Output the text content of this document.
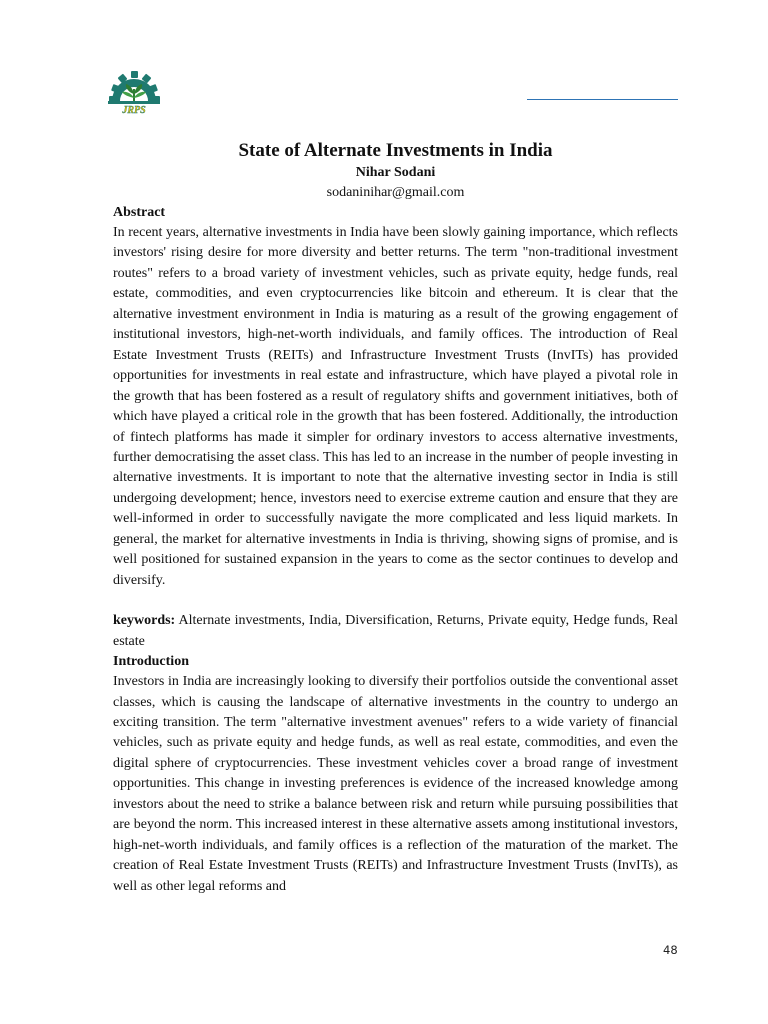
JRPS

State of Alternate Investments in India

Nihar Sodani

sodaninihar@gmail.com

Abstract

In recent years, alternative investments in India have been slowly gaining importance, which reflects investors' rising desire for more diversity and better returns. The term "non-traditional investment routes" refers to a broad variety of investment vehicles, such as private equity, hedge funds, real estate, commodities, and even cryptocurrencies like bitcoin and ethereum. It is clear that the alternative investment environment in India is maturing as a result of the growing engagement of institutional investors, high-net-worth individuals, and family offices. The introduction of Real Estate Investment Trusts (REITs) and Infrastructure Investment Trusts (InvITs) has provided opportunities for investments in real estate and infrastructure, which have played a pivotal role in the growth that has been fostered as a result of regulatory shifts and government initiatives, both of which have played a critical role in the growth that has been fostered. Additionally, the introduction of fintech platforms has made it simpler for ordinary investors to access alternative investments, further democratising the asset class. This has led to an increase in the number of people investing in alternative investments. It is important to note that the alternative investing sector in India is still undergoing development; hence, investors need to exercise extreme caution and ensure that they are well-informed in order to successfully navigate the more complicated and less liquid markets. In general, the market for alternative investments in India is thriving, showing signs of promise, and is well positioned for sustained expansion in the years to come as the sector continues to develop and diversify.

keywords: Alternate investments, India, Diversification, Returns, Private equity, Hedge funds, Real estate

Introduction

Investors in India are increasingly looking to diversify their portfolios outside the conventional asset classes, which is causing the landscape of alternative investments in the country to undergo an exciting transition. The term "alternative investment avenues" refers to a wide variety of financial vehicles, such as private equity and hedge funds, as well as real estate, commodities, and even the digital sphere of cryptocurrencies. These investment vehicles cover a broad range of investment opportunities. This change in investing preferences is evidence of the increased knowledge among investors about the need to strike a balance between risk and return while pursuing possibilities that are beyond the norm. This increased interest in these alternative assets among institutional investors, high-net-worth individuals, and family offices is a reflection of the maturation of the market. The creation of Real Estate Investment Trusts (REITs) and Infrastructure Investment Trusts (InvITs), as well as other legal reforms and

48
